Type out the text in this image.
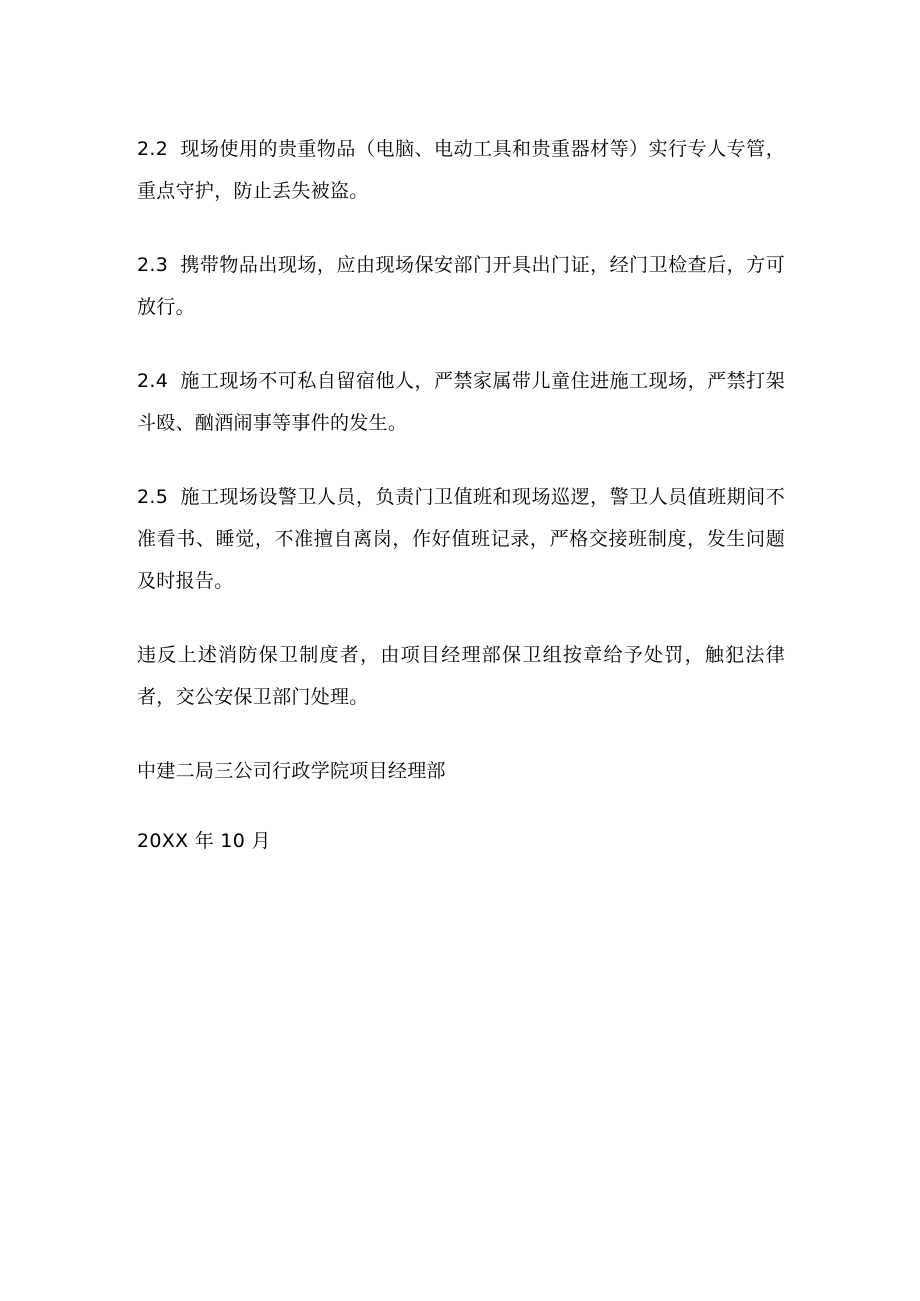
2.2 现场使用的贵重物品（电脑、电动工具和贵重器材等）实行专人专管，重点守护，防止丢失被盗。

2.3 携带物品出现场，应由现场保安部门开具出门证，经门卫检查后，方可放行。

2.4 施工现场不可私自留宿他人，严禁家属带儿童住进施工现场，严禁打架斗殴、酗酒闹事等事件的发生。

2.5 施工现场设警卫人员，负责门卫值班和现场巡逻，警卫人员值班期间不准看书、睡觉，不准擅自离岗，作好值班记录，严格交接班制度，发生问题及时报告。

违反上述消防保卫制度者，由项目经理部保卫组按章给予处罚，触犯法律者，交公安保卫部门处理。

中建二局三公司行政学院项目经理部

20XX 年 10 月
